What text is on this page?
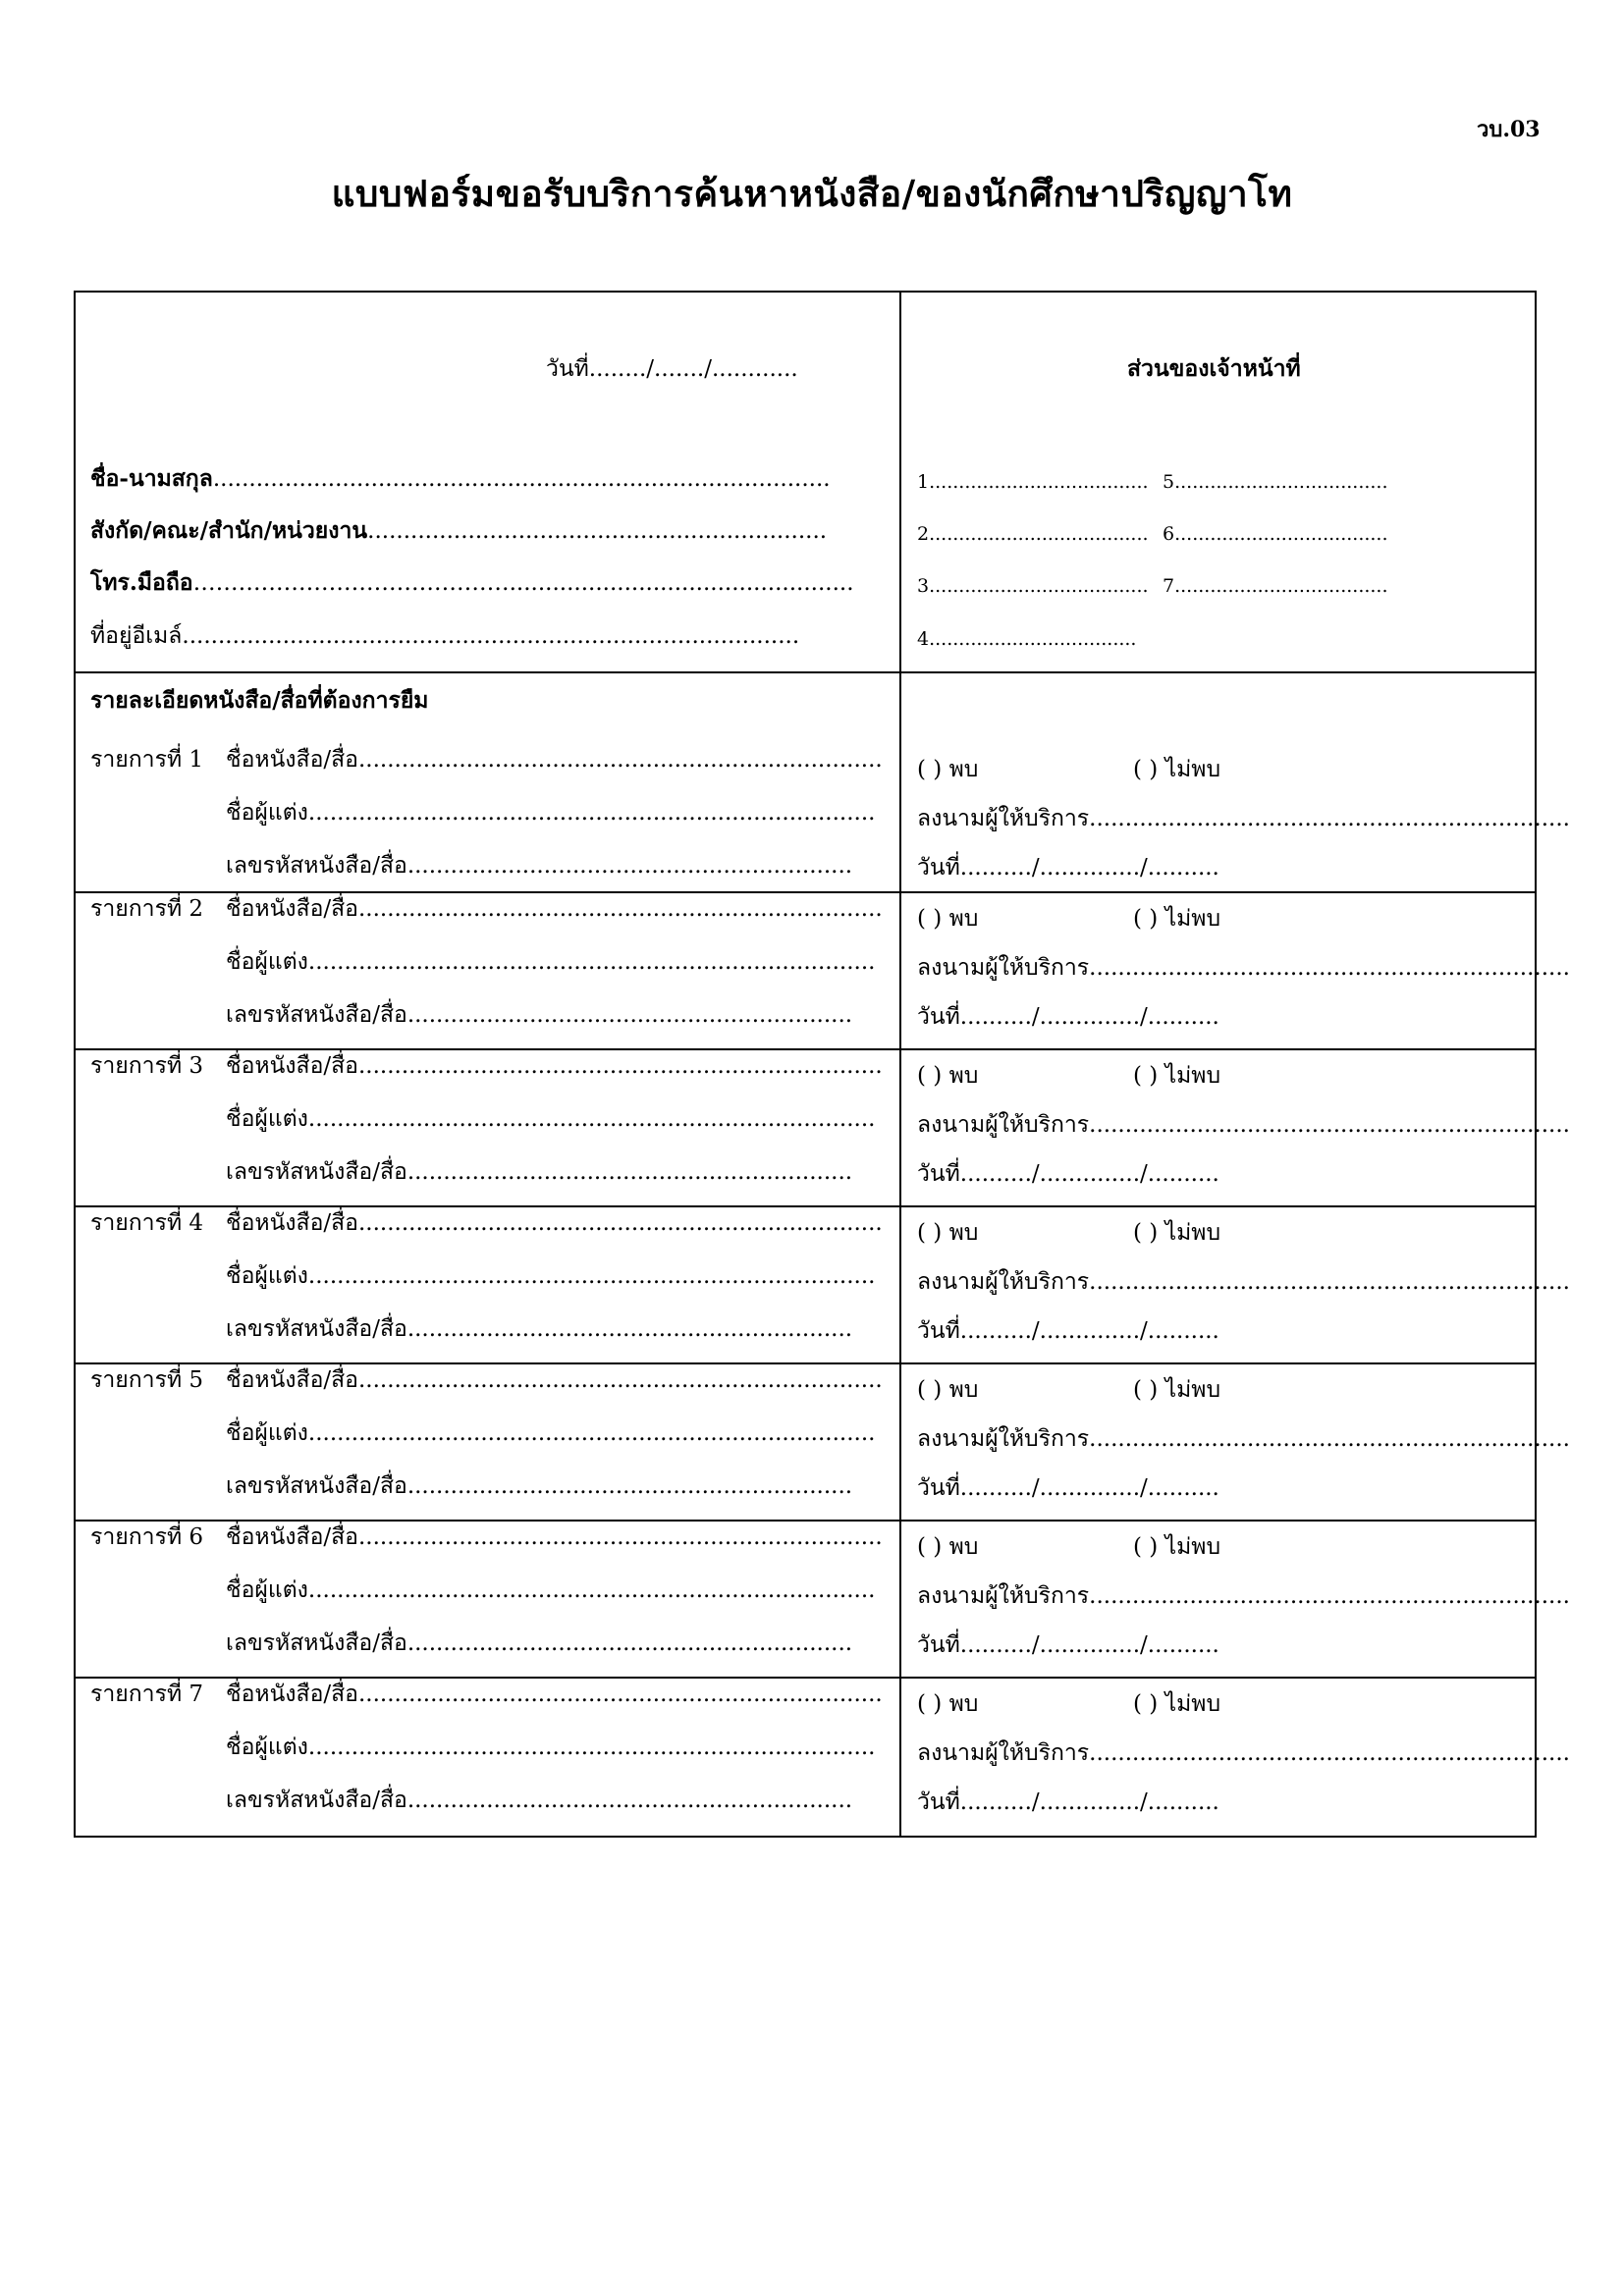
วบ.03
แบบฟอร์มขอรับบริการค้นหาหนังสือ/ของนักศึกษาปริญญาโท
วันที่......../......./............	ส่วนของเจ้าหน้าที่
ชื่อ-นามสกุล......................................................................................
สังกัด/คณะ/สำนัก/หน่วยงาน................................................................
โทร.มือถือ……………………………………................................................
ที่อยู่อีเมล์......................................................................................
1..................................... 5....................................
2..................................... 6....................................
3..................................... 7....................................
4...................................
รายละเอียดหนังสือ/สื่อที่ต้องการยืม
รายการที่ 1 ชื่อหนังสือ/สื่อ.........................................................................
ชื่อผู้แต่ง...............................................................................
เลขรหัสหนังสือ/สื่อ..............................................................
( ) พบ	( ) ไม่พบ
ลงนามผู้ให้บริการ...................................................................
วันที่........../............../..........
รายการที่ 2 ชื่อหนังสือ/สื่อ.........................................................................
ชื่อผู้แต่ง...............................................................................
เลขรหัสหนังสือ/สื่อ..............................................................
( ) พบ	( ) ไม่พบ
ลงนามผู้ให้บริการ...................................................................
วันที่........../............../..........
รายการที่ 3 ชื่อหนังสือ/สื่อ.........................................................................
ชื่อผู้แต่ง...............................................................................
เลขรหัสหนังสือ/สื่อ..............................................................
( ) พบ	( ) ไม่พบ
ลงนามผู้ให้บริการ...................................................................
วันที่........../............../..........
รายการที่ 4 ชื่อหนังสือ/สื่อ.........................................................................
ชื่อผู้แต่ง...............................................................................
เลขรหัสหนังสือ/สื่อ..............................................................
( ) พบ	( ) ไม่พบ
ลงนามผู้ให้บริการ...................................................................
วันที่........../............../..........
รายการที่ 5 ชื่อหนังสือ/สื่อ.........................................................................
ชื่อผู้แต่ง...............................................................................
เลขรหัสหนังสือ/สื่อ..............................................................
( ) พบ	( ) ไม่พบ
ลงนามผู้ให้บริการ...................................................................
วันที่........../............../..........
รายการที่ 6 ชื่อหนังสือ/สื่อ.........................................................................
ชื่อผู้แต่ง...............................................................................
เลขรหัสหนังสือ/สื่อ..............................................................
( ) พบ	( ) ไม่พบ
ลงนามผู้ให้บริการ...................................................................
วันที่........../............../..........
รายการที่ 7 ชื่อหนังสือ/สื่อ.........................................................................
ชื่อผู้แต่ง...............................................................................
เลขรหัสหนังสือ/สื่อ..............................................................
( ) พบ	( ) ไม่พบ
ลงนามผู้ให้บริการ...................................................................
วันที่........../............../..........
